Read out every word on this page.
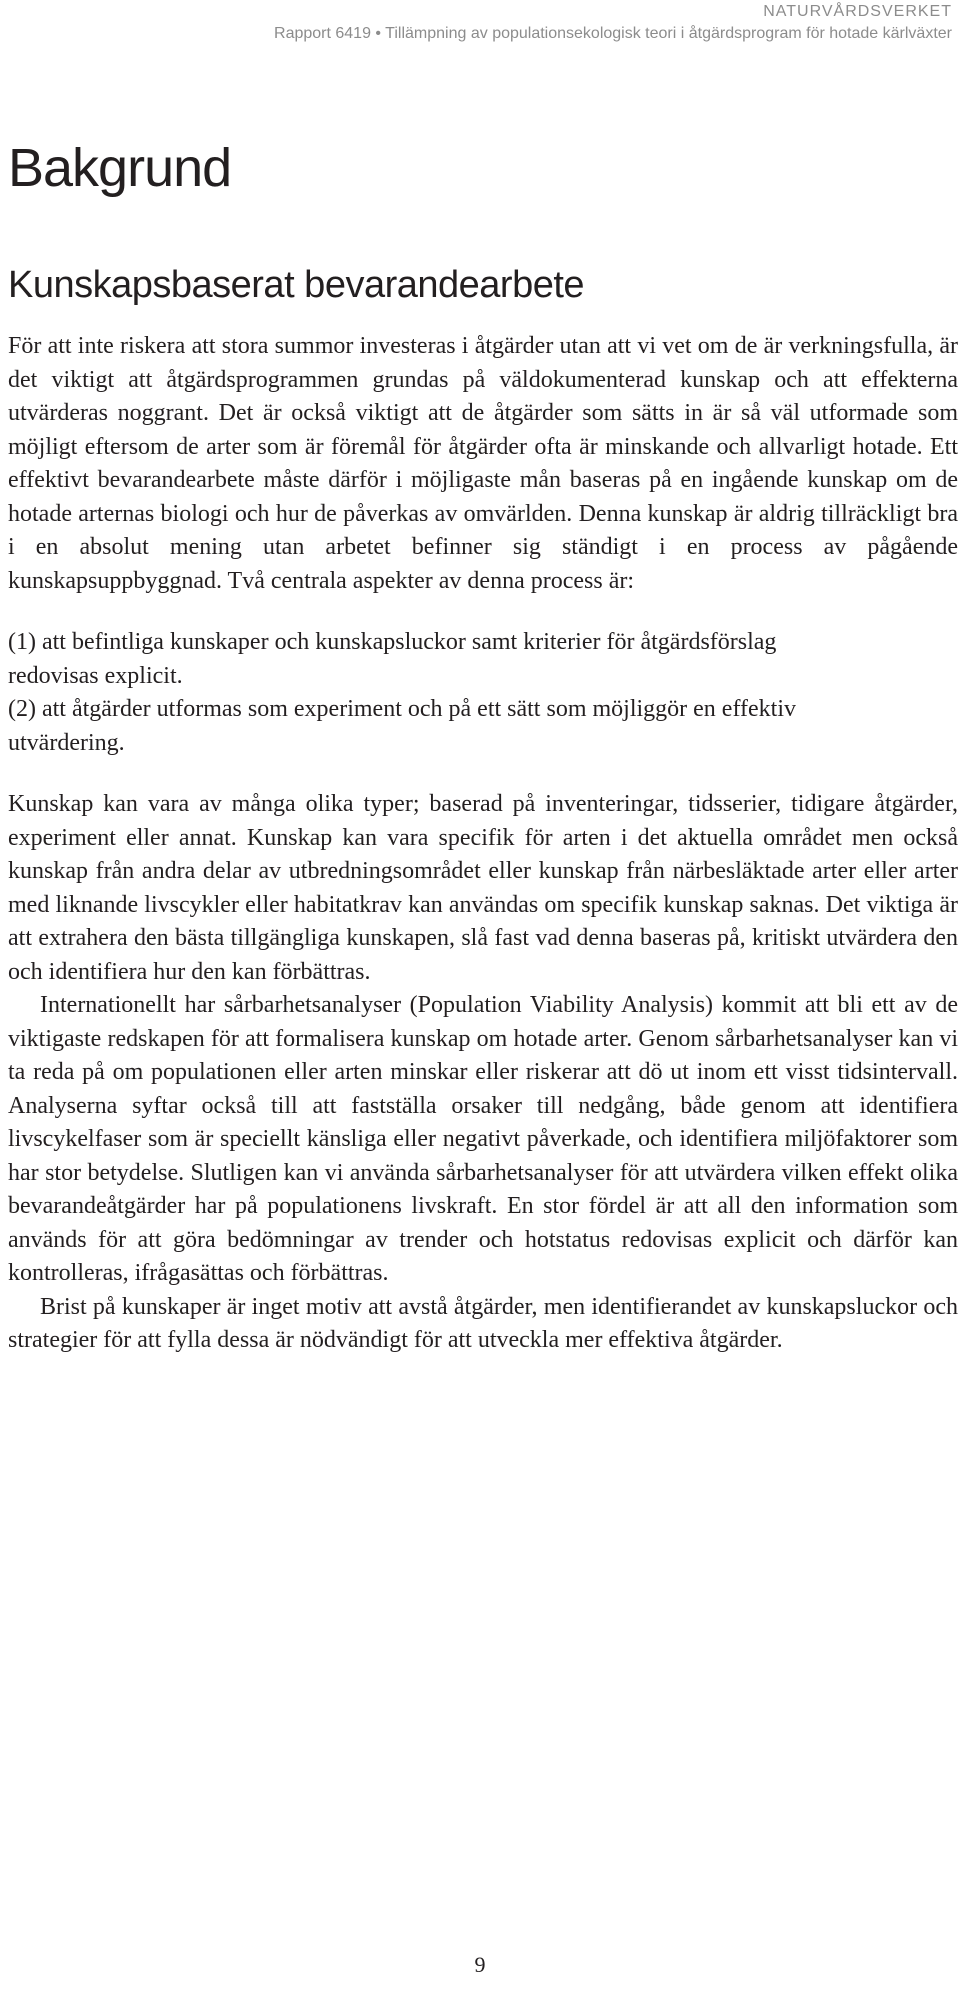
NATURVÅRDSVERKET
Rapport 6419 • Tillämpning av populationsekologisk teori i åtgärdsprogram för hotade kärlväxter
Bakgrund
Kunskapsbaserat bevarandearbete

För att inte riskera att stora summor investeras i åtgärder utan att vi vet om de är verkningsfulla, är det viktigt att åtgärdsprogrammen grundas på väldokumenterad kunskap och att effekterna utvärderas noggrant. Det är också viktigt att de åtgärder som sätts in är så väl utformade som möjligt eftersom de arter som är föremål för åtgärder ofta är minskande och allvarligt hotade. Ett effektivt bevarandearbete måste därför i möjligaste mån baseras på en ingående kunskap om de hotade arternas biologi och hur de påverkas av omvärlden. Denna kunskap är aldrig tillräckligt bra i en absolut mening utan arbetet befinner sig ständigt i en process av pågående kunskapsuppbyggnad. Två centrala aspekter av denna process är:

(1) att befintliga kunskaper och kunskapsluckor samt kriterier för åtgärdsförslag redovisas explicit.
(2) att åtgärder utformas som experiment och på ett sätt som möjliggör en effektiv utvärdering.

Kunskap kan vara av många olika typer; baserad på inventeringar, tidsserier, tidigare åtgärder, experiment eller annat. Kunskap kan vara specifik för arten i det aktuella området men också kunskap från andra delar av utbredningsområdet eller kunskap från närbesläktade arter eller arter med liknande livscykler eller habitatkrav kan användas om specifik kunskap saknas. Det viktiga är att extrahera den bästa tillgängliga kunskapen, slå fast vad denna baseras på, kritiskt utvärdera den och identifiera hur den kan förbättras.

Internationellt har sårbarhetsanalyser (Population Viability Analysis) kommit att bli ett av de viktigaste redskapen för att formalisera kunskap om hotade arter. Genom sårbarhetsanalyser kan vi ta reda på om populationen eller arten minskar eller riskerar att dö ut inom ett visst tidsintervall. Analyserna syftar också till att fastställa orsaker till nedgång, både genom att identifiera livscykelfaser som är speciellt känsliga eller negativt påverkade, och identifiera miljöfaktorer som har stor betydelse. Slutligen kan vi använda sårbarhetsanalyser för att utvärdera vilken effekt olika bevarandeåtgärder har på populationens livskraft. En stor fördel är att all den information som används för att göra bedömningar av trender och hotstatus redovisas explicit och därför kan kontrolleras, ifrågasättas och förbättras.

Brist på kunskaper är inget motiv att avstå åtgärder, men identifierandet av kunskapsluckor och strategier för att fylla dessa är nödvändigt för att utveckla mer effektiva åtgärder.

9
